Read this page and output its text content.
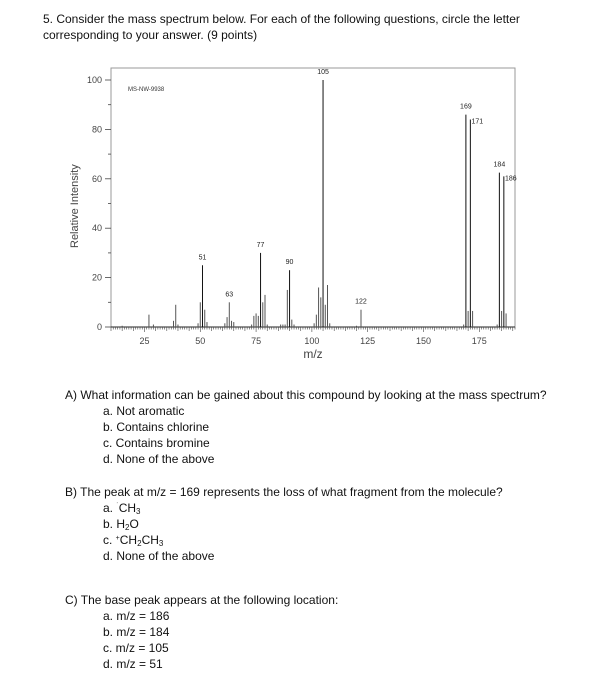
5. Consider the mass spectrum below. For each of the following questions, circle the letter
corresponding to your answer. (9 points)
25	50	75	100	125	150	175
0
20
40
60
80
100
51
63
77
90
105
122
169
171
184
186
MS-NW-9938
Relative Intensity
m/z
A) What information can be gained about this compound by looking at the mass spectrum?
a. Not aromatic
b. Contains chlorine
c. Contains bromine
d. None of the above
B) The peak at m/z = 169 represents the loss of what fragment from the molecule?
a. $^˙CH_3$
b. $H_2O$
c. $^+CH_2CH_3$
d. None of the above
C) The base peak appears at the following location:
a. m/z = 186
b. m/z = 184
c. m/z = 105
d. m/z = 51
